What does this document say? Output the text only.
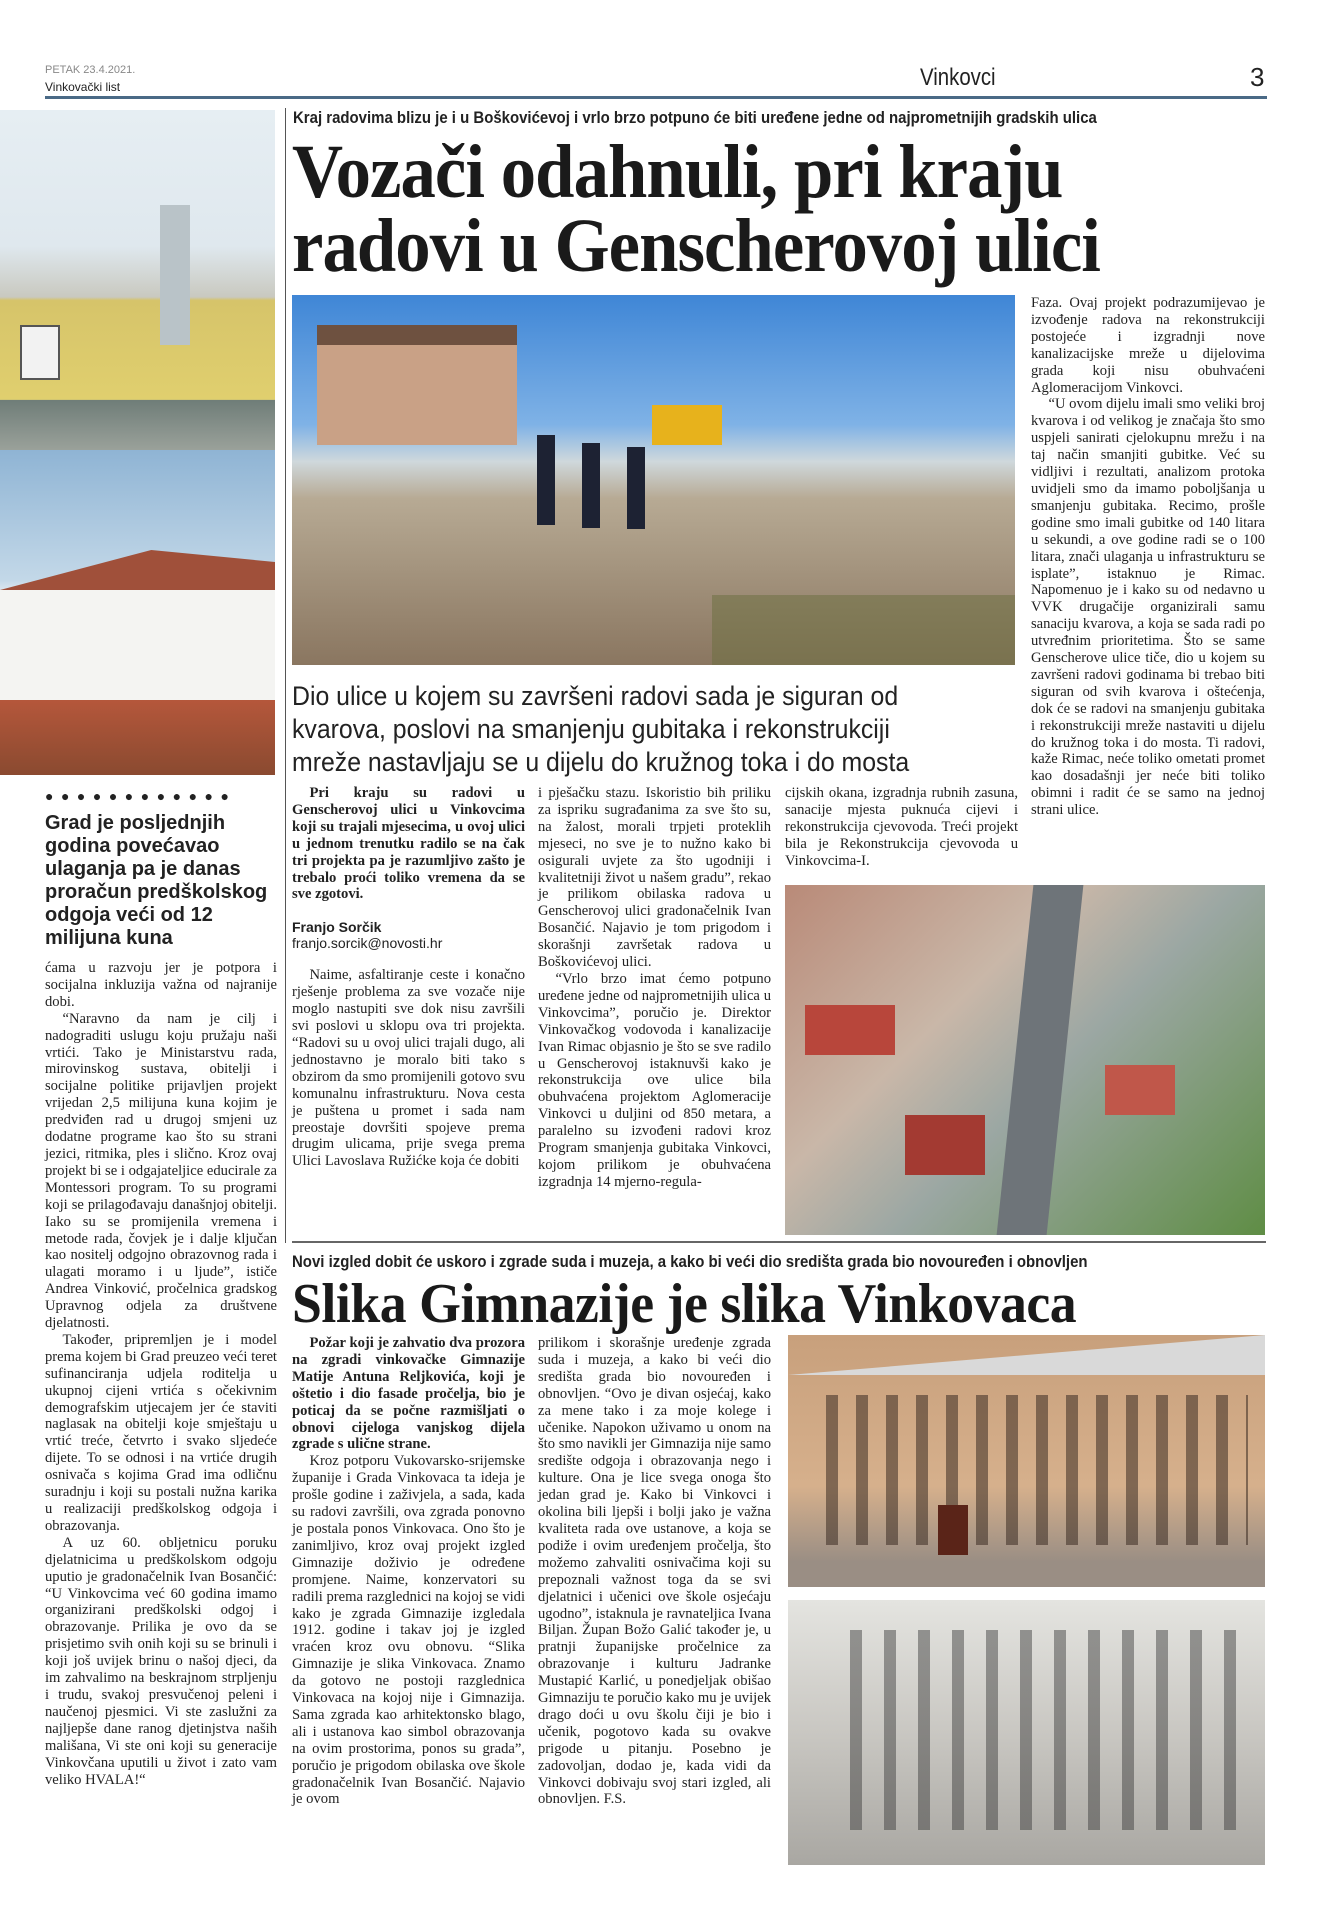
PETAK 23.4.2021.
Vinkovački list	Vinkovci	3
●●●●●●●●●●●●
Grad je posljednjih godina povećavao ulaganja pa je danas proračun predškolskog odgoja veći od 12 milijuna kuna

ćama u razvoju jer je potpora i socijalna inkluzija važna od najranije dobi.

“Naravno da nam je cilj i nadograditi uslugu koju pružaju naši vrtići. Tako je Ministarstvu rada, mirovinskog sustava, obitelji i socijalne politike prijavljen projekt vrijedan 2,5 milijuna kuna kojim je predviđen rad u drugoj smjeni uz dodatne programe kao što su strani jezici, ritmika, ples i slično. Kroz ovaj projekt bi se i odgajateljice educirale za Montessori program. To su programi koji se prilagođavaju današnjoj obitelji. Iako su se promijenila vremena i metode rada, čovjek je i dalje ključan kao nositelj odgojno obrazovnog rada i ulagati moramo i u ljude”, ističe Andrea Vinković, pročelnica gradskog Upravnog odjela za društvene djelatnosti.

Također, pripremljen je i model prema kojem bi Grad preuzeo veći teret sufinanciranja udjela roditelja u ukupnoj cijeni vrtića s očekivnim demografskim utjecajem jer će staviti naglasak na obitelji koje smještaju u vrtić treće, četvrto i svako sljedeće dijete. To se odnosi i na vrtiće drugih osnivača s kojima Grad ima odličnu suradnju i koji su postali nužna karika u realizaciji predškolskog odgoja i obrazovanja.

A uz 60. obljetnicu poruku djelatnicima u predškolskom odgoju uputio je gradonačelnik Ivan Bosančić: “U Vinkovcima već 60 godina imamo organizirani predškolski odgoj i obrazovanje. Prilika je ovo da se prisjetimo svih onih koji su se brinuli i koji još uvijek brinu o našoj djeci, da im zahvalimo na beskrajnom strpljenju i trudu, svakoj presvučenoj peleni i naučenoj pjesmici. Vi ste zaslužni za najljepše dane ranog djetinjstva naših mališana, Vi ste oni koji su generacije Vinkovčana uputili u život i zato vam veliko HVALA!“

Kraj radovima blizu je i u Boškovićevoj i vrlo brzo potpuno će biti uređene jedne od najprometnijih gradskih ulica
Vozači odahnuli, pri kraju
radovi u Genscherovoj ulici
Dio ulice u kojem su završeni radovi sada je siguran od
kvarova, poslovi na smanjenju gubitaka i rekonstrukciji
mreže nastavljaju se u dijelu do kružnog toka i do mosta

Pri kraju su radovi u Genscherovoj ulici u Vinkovcima koji su trajali mjesecima, u ovoj ulici u jednom trenutku radilo se na čak tri projekta pa je razumljivo zašto je trebalo proći toliko vremena da se sve zgotovi.

Franjo Sorčik

franjo.sorcik@novosti.hr

Naime, asfaltiranje ceste i konačno rješenje problema za sve vozače nije moglo nastupiti sve dok nisu završili svi poslovi u sklopu ova tri projekta. “Radovi su u ovoj ulici trajali dugo, ali jednostavno je moralo biti tako s obzirom da smo promijenili gotovo svu komunalnu infrastrukturu. Nova cesta je puštena u promet i sada nam preostaje dovršiti spojeve prema drugim ulicama, prije svega prema Ulici Lavoslava Ružićke koja će dobiti

i pješačku stazu. Iskoristio bih priliku za ispriku sugrađanima za sve što su, na žalost, morali trpjeti proteklih mjeseci, no sve je to nužno kako bi osigurali uvjete za što ugodniji i kvalitetniji život u našem gradu”, rekao je prilikom obilaska radova u Genscherovoj ulici gradonačelnik Ivan Bosančić. Najavio je tom prigodom i skorašnji završetak radova u Boškovićevoj ulici.

“Vrlo brzo imat ćemo potpuno uređene jedne od najprometnijih ulica u Vinkovcima”, poručio je. Direktor Vinkovačkog vodovoda i kanalizacije Ivan Rimac objasnio je što se sve radilo u Genscherovoj istaknuvši kako je rekonstrukcija ove ulice bila obuhvaćena projektom Aglomeracije Vinkovci u duljini od 850 metara, a paralelno su izvođeni radovi kroz Program smanjenja gubitaka Vinkovci, kojom prilikom je obuhvaćena izgradnja 14 mjerno-regula-

cijskih okana, izgradnja rubnih zasuna, sanacije mjesta puknuća cijevi i rekonstrukcija cjevovoda. Treći projekt bila je Rekonstrukcija cjevovoda u Vinkovcima-I.

Faza. Ovaj projekt podrazumijevao je izvođenje radova na rekonstrukciji postojeće i izgradnji nove kanalizacijske mreže u dijelovima grada koji nisu obuhvaćeni Aglomeracijom Vinkovci.

“U ovom dijelu imali smo veliki broj kvarova i od velikog je značaja što smo uspjeli sanirati cjelokupnu mrežu i na taj način smanjiti gubitke. Već su vidljivi i rezultati, analizom protoka uvidjeli smo da imamo poboljšanja u smanjenju gubitaka. Recimo, prošle godine smo imali gubitke od 140 litara u sekundi, a ove godine radi se o 100 litara, znači ulaganja u infrastrukturu se isplate”, istaknuo je Rimac. Napomenuo je i kako su od nedavno u VVK drugačije organizirali samu sanaciju kvarova, a koja se sada radi po utvređnim prioritetima. Što se same Genscherove ulice tiče, dio u kojem su završeni radovi godinama bi trebao biti siguran od svih kvarova i oštećenja, dok će se radovi na smanjenju gubitaka i rekonstrukciji mreže nastaviti u dijelu do kružnog toka i do mosta. Ti radovi, kaže Rimac, neće toliko ometati promet kao dosadašnji jer neće biti toliko obimni i radit će se samo na jednoj strani ulice.

Novi izgled dobit će uskoro i zgrade suda i muzeja, a kako bi veći dio središta grada bio novouređen i obnovljen
Slika Gimnazije je slika Vinkovaca

Požar koji je zahvatio dva prozora na zgradi vinkovačke Gimnazije Matije Antuna Reljkovića, koji je oštetio i dio fasade pročelja, bio je poticaj da se počne razmišljati o obnovi cijeloga vanjskog dijela zgrade s ulične strane.

Kroz potporu Vukovarsko-srijemske županije i Grada Vinkovaca ta ideja je prošle godine i zaživjela, a sada, kada su radovi završili, ova zgrada ponovno je postala ponos Vinkovaca. Ono što je zanimljivo, kroz ovaj projekt izgled Gimnazije doživio je određene promjene. Naime, konzervatori su radili prema razglednici na kojoj se vidi kako je zgrada Gimnazije izgledala 1912. godine i takav joj je izgled vraćen kroz ovu obnovu. “Slika Gimnazije je slika Vinkovaca. Znamo da gotovo ne postoji razglednica Vinkovaca na kojoj nije i Gimnazija. Sama zgrada kao arhitektonsko blago, ali i ustanova kao simbol obrazovanja na ovim prostorima, ponos su grada”, poručio je prigodom obilaska ove škole gradonačelnik Ivan Bosančić. Najavio je ovom

prilikom i skorašnje uređenje zgrada suda i muzeja, a kako bi veći dio središta grada bio novouređen i obnovljen. “Ovo je divan osjećaj, kako za mene tako i za moje kolege i učenike. Napokon uživamo u onom na što smo navikli jer Gimnazija nije samo središte odgoja i obrazovanja nego i kulture. Ona je lice svega onoga što jedan grad je. Kako bi Vinkovci i okolina bili ljepši i bolji jako je važna kvaliteta rada ove ustanove, a koja se podiže i ovim uređenjem pročelja, što možemo zahvaliti osnivačima koji su prepoznali važnost toga da se svi djelatnici i učenici ove škole osjećaju ugodno”, istaknula je ravnateljica Ivana Biljan. Župan Božo Galić također je, u pratnji županijske pročelnice za obrazovanje i kulturu Jadranke Mustapić Karlić, u ponedjeljak obišao Gimnaziju te poručio kako mu je uvijek drago doći u ovu školu čiji je bio i učenik, pogotovo kada su ovakve prigode u pitanju. Posebno je zadovoljan, dodao je, kada vidi da Vinkovci dobivaju svoj stari izgled, ali obnovljen. F.S.
